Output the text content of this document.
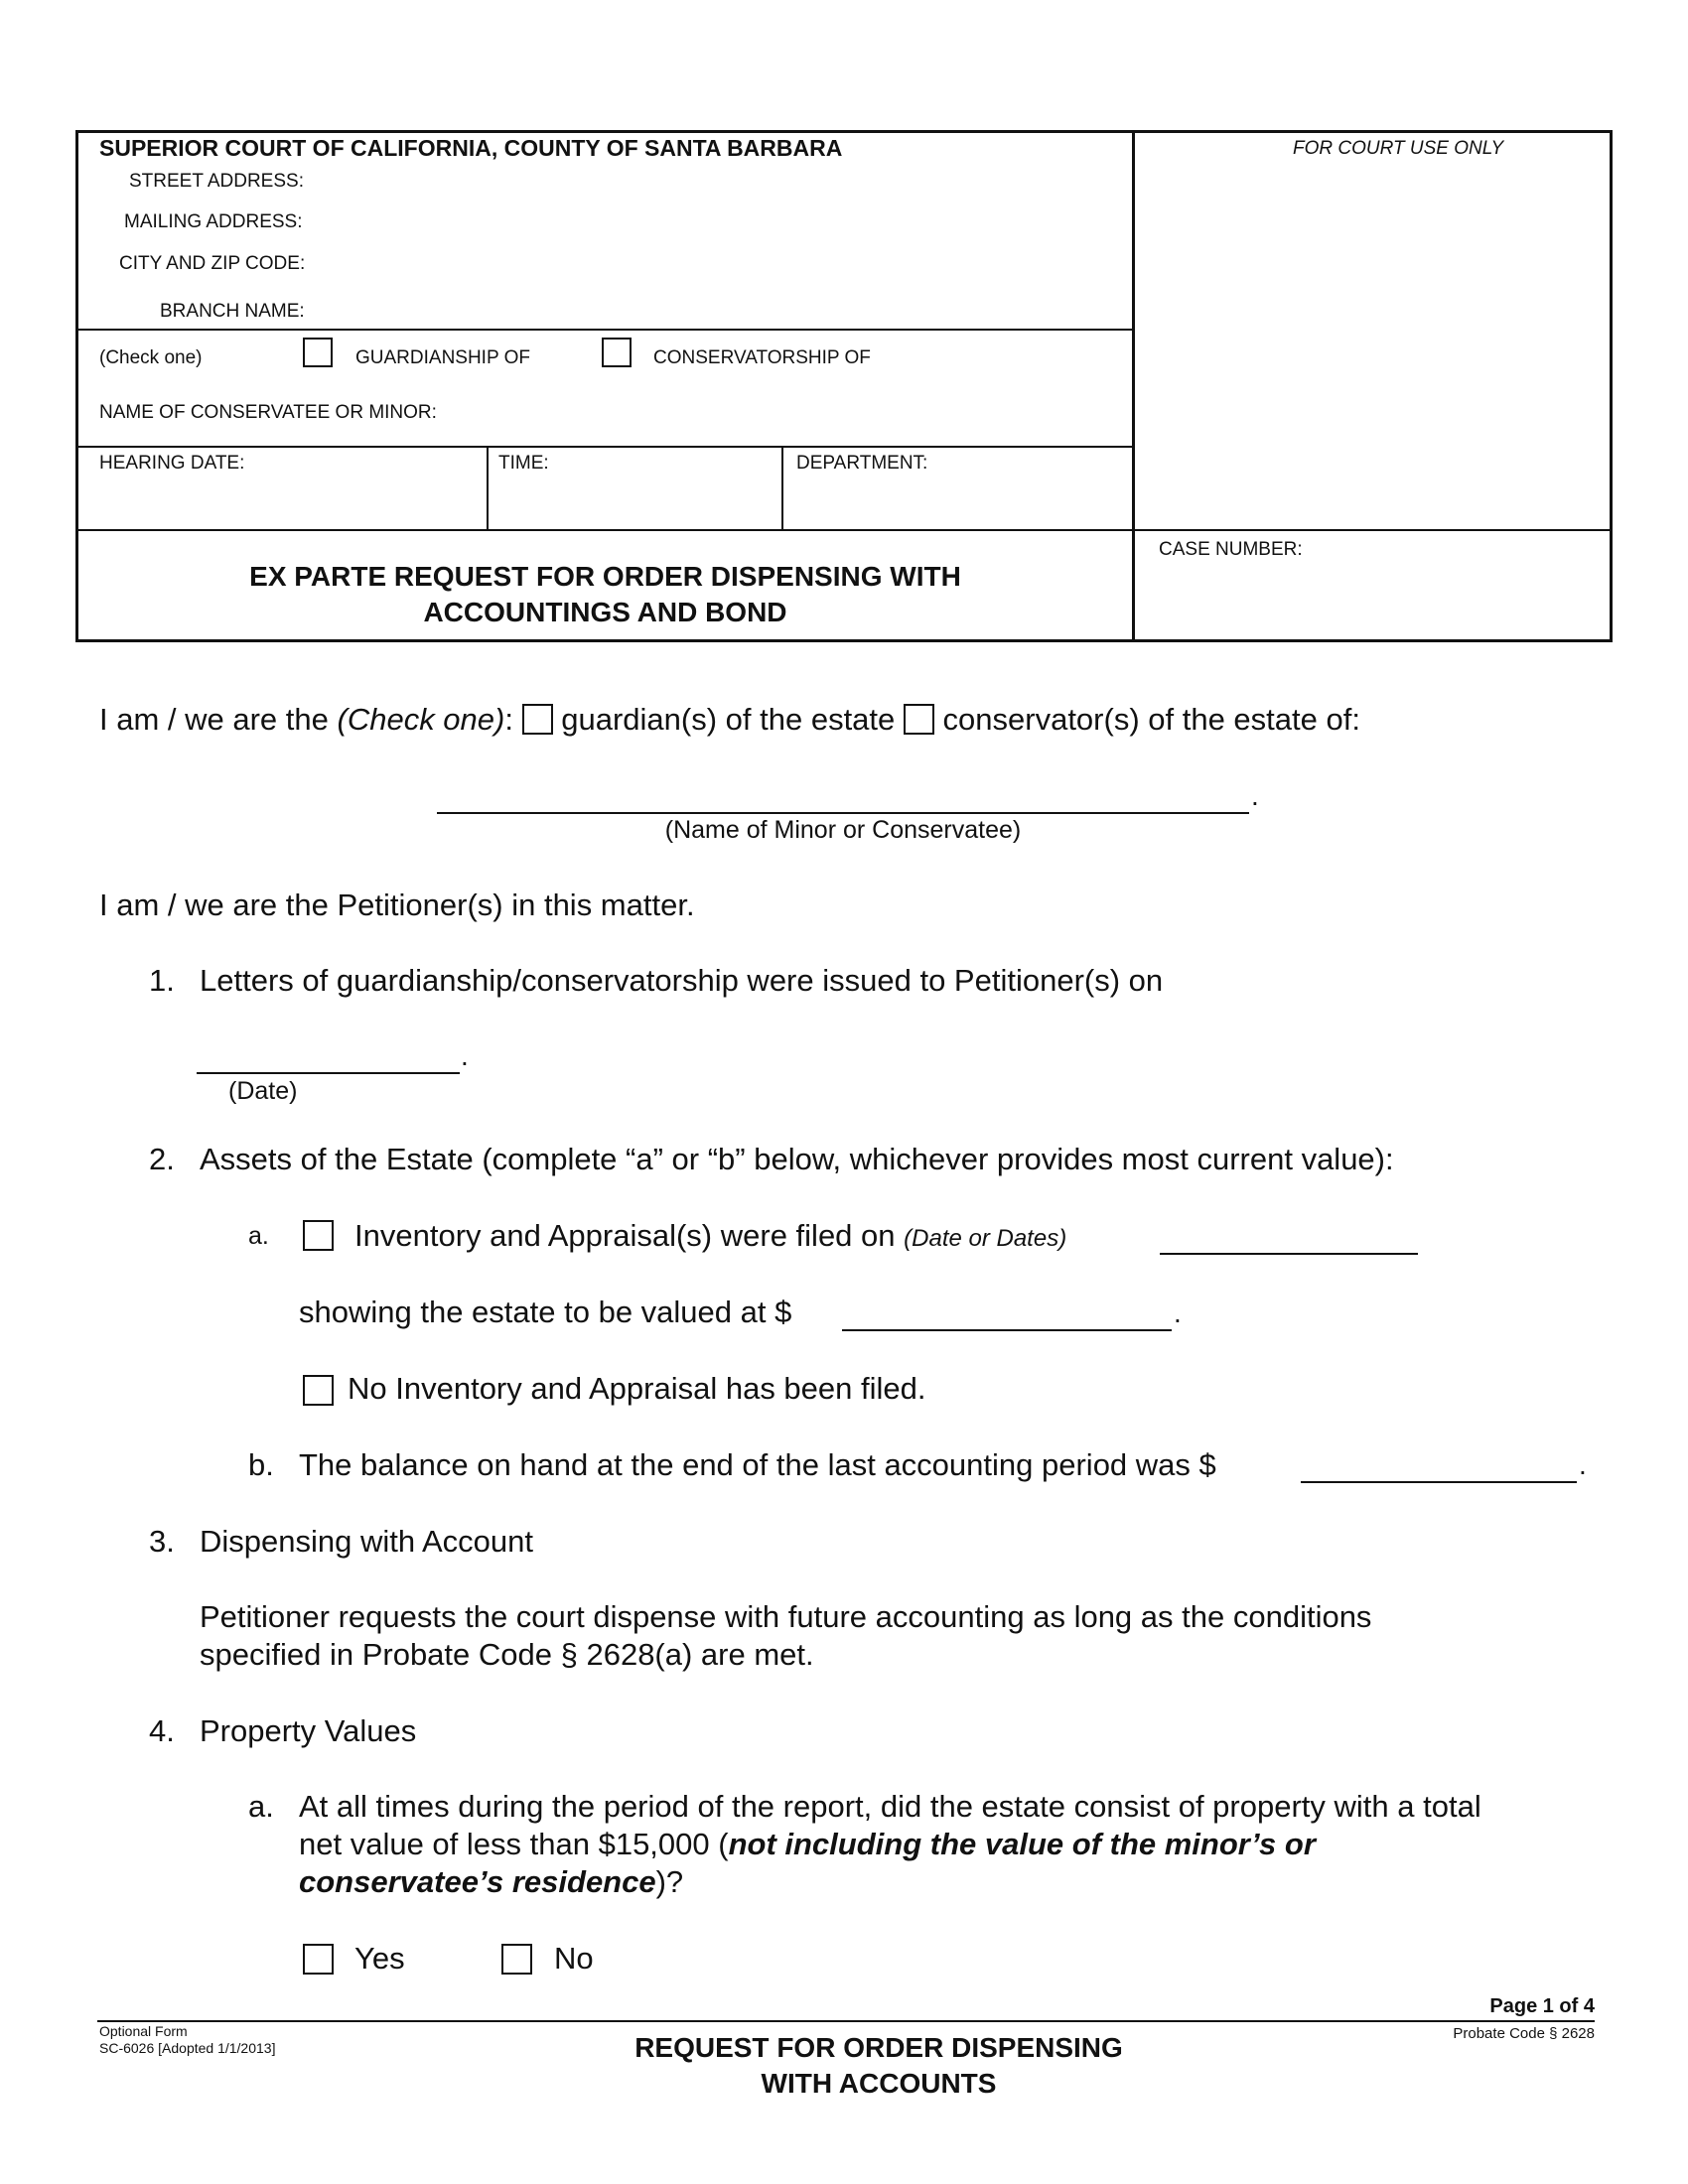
SUPERIOR COURT OF CALIFORNIA, COUNTY OF SANTA BARBARA
STREET ADDRESS:
MAILING ADDRESS:
CITY AND ZIP CODE:
BRANCH NAME:
FOR COURT USE ONLY
(Check one)	GUARDIANSHIP OF	CONSERVATORSHIP OF
NAME OF CONSERVATEE OR MINOR:
HEARING DATE:	TIME:	DEPARTMENT:
CASE NUMBER:
EX PARTE REQUEST FOR ORDER DISPENSING WITH
ACCOUNTINGS AND BOND
I am / we are the (Check one): guardian(s) of the estate conservator(s) of the estate of:
.
(Name of Minor or Conservatee)
I am / we are the Petitioner(s) in this matter.
1. Letters of guardianship/conservatorship were issued to Petitioner(s) on
.
(Date)
2. Assets of the Estate (complete “a” or “b” below, whichever provides most current value):
a.	Inventory and Appraisal(s) were filed on (Date or Dates)
showing the estate to be valued at $	.
No Inventory and Appraisal has been filed.
b. The balance on hand at the end of the last accounting period was $	.
3. Dispensing with Account
Petitioner requests the court dispense with future accounting as long as the conditions
specified in Probate Code § 2628(a) are met.
4. Property Values
a. At all times during the period of the report, did the estate consist of property with a total
net value of less than $15,000 (not including the value of the minor’s or
conservatee’s residence)?
Yes	No
Optional Form
SC-6026 [Adopted 1/1/2013]	REQUEST FOR ORDER DISPENSING
WITH ACCOUNTS
Page 1 of 4
Probate Code § 2628
